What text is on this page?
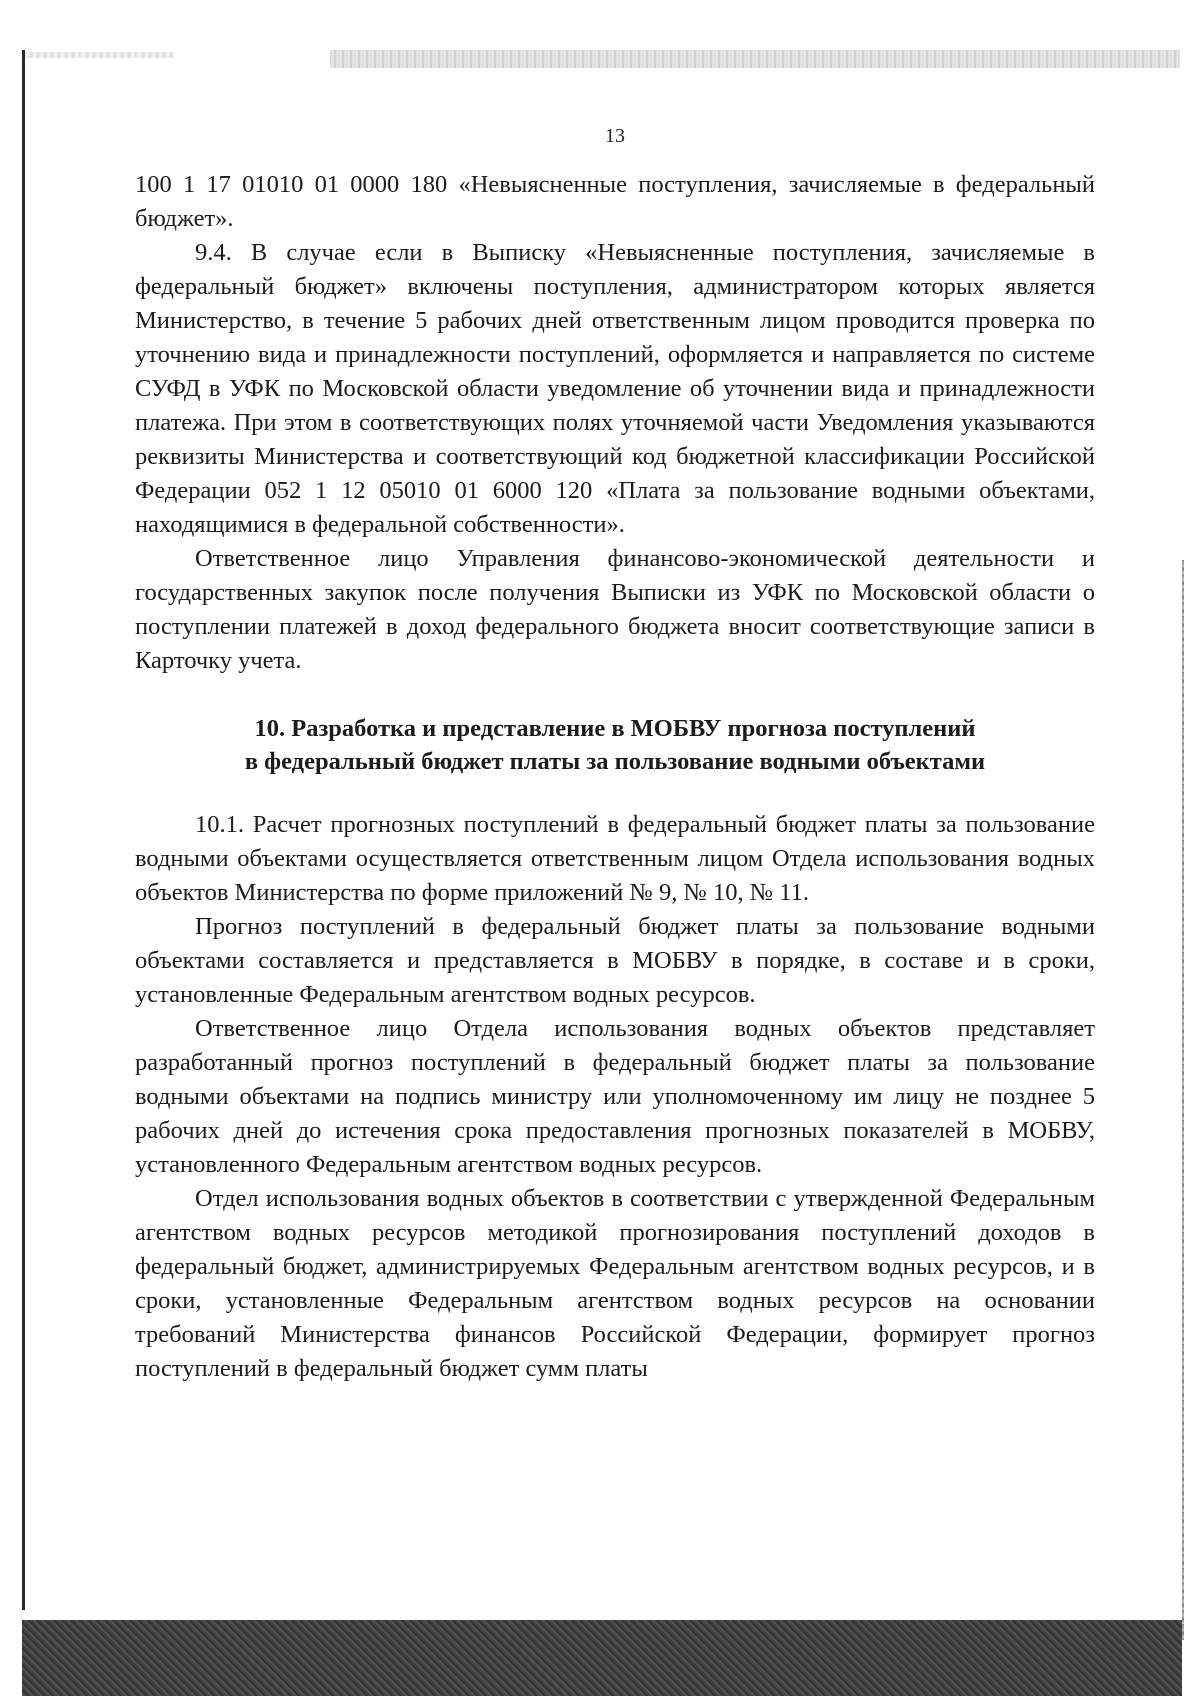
13

100 1 17 01010 01 0000 180 «Невыясненные поступления, зачисляемые в федеральный бюджет».

9.4. В случае если в Выписку «Невыясненные поступления, зачисляемые в федеральный бюджет» включены поступления, администратором которых является Министерство, в течение 5 рабочих дней ответственным лицом проводится проверка по уточнению вида и принадлежности поступлений, оформляется и направляется по системе СУФД в УФК по Московской области уведомление об уточнении вида и принадлежности платежа. При этом в соответствующих полях уточняемой части Уведомления указываются реквизиты Министерства и соответствующий код бюджетной классификации Российской Федерации 052 1 12 05010 01 6000 120 «Плата за пользование водными объектами, находящимися в федеральной собственности».

Ответственное лицо Управления финансово-экономической деятельности и государственных закупок после получения Выписки из УФК по Московской области о поступлении платежей в доход федерального бюджета вносит соответствующие записи в Карточку учета.

10. Разработка и представление в МОБВУ прогноза поступлений
в федеральный бюджет платы за пользование водными объектами

10.1. Расчет прогнозных поступлений в федеральный бюджет платы за пользование водными объектами осуществляется ответственным лицом Отдела использования водных объектов Министерства по форме приложений № 9, № 10, № 11.

Прогноз поступлений в федеральный бюджет платы за пользование водными объектами составляется и представляется в МОБВУ в порядке, в составе и в сроки, установленные Федеральным агентством водных ресурсов.

Ответственное лицо Отдела использования водных объектов представляет разработанный прогноз поступлений в федеральный бюджет платы за пользование водными объектами на подпись министру или уполномоченному им лицу не позднее 5 рабочих дней до истечения срока предоставления прогнозных показателей в МОБВУ, установленного Федеральным агентством водных ресурсов.

Отдел использования водных объектов в соответствии с утвержденной Федеральным агентством водных ресурсов методикой прогнозирования поступлений доходов в федеральный бюджет, администрируемых Федеральным агентством водных ресурсов, и в сроки, установленные Федеральным агентством водных ресурсов на основании требований Министерства финансов Российской Федерации, формирует прогноз поступлений в федеральный бюджет сумм платы
